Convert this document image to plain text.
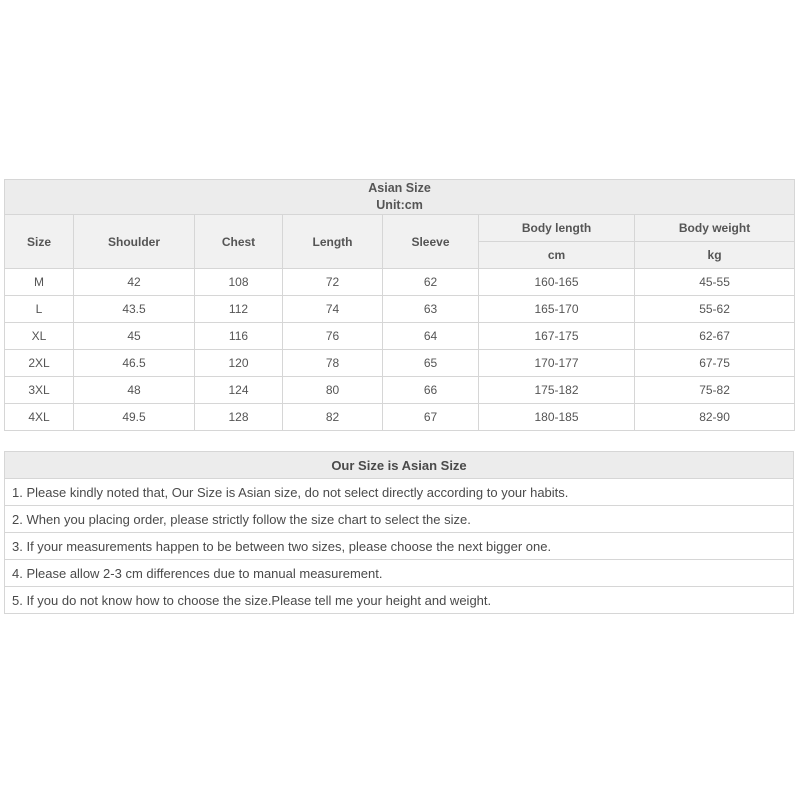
Asian Size
Unit:cm						
Size	Shoulder	Chest	Length	Sleeve	Body length	Body weight
					cm	kg
M	42	108	72	62	160-165	45-55
L	43.5	112	74	63	165-170	55-62
XL	45	116	76	64	167-175	62-67
2XL	46.5	120	78	65	170-177	67-75
3XL	48	124	80	66	175-182	75-82
4XL	49.5	128	82	67	180-185	82-90
Our Size is Asian Size
1. Please kindly noted that, Our Size is Asian size, do not select directly according to your habits.
2. When you placing order, please strictly follow the size chart to select the size.
3. If your measurements happen to be between two sizes, please choose the next bigger one.
4. Please allow 2-3 cm differences due to manual measurement.
5. If you do not know how to choose the size.Please tell me your height and weight.
